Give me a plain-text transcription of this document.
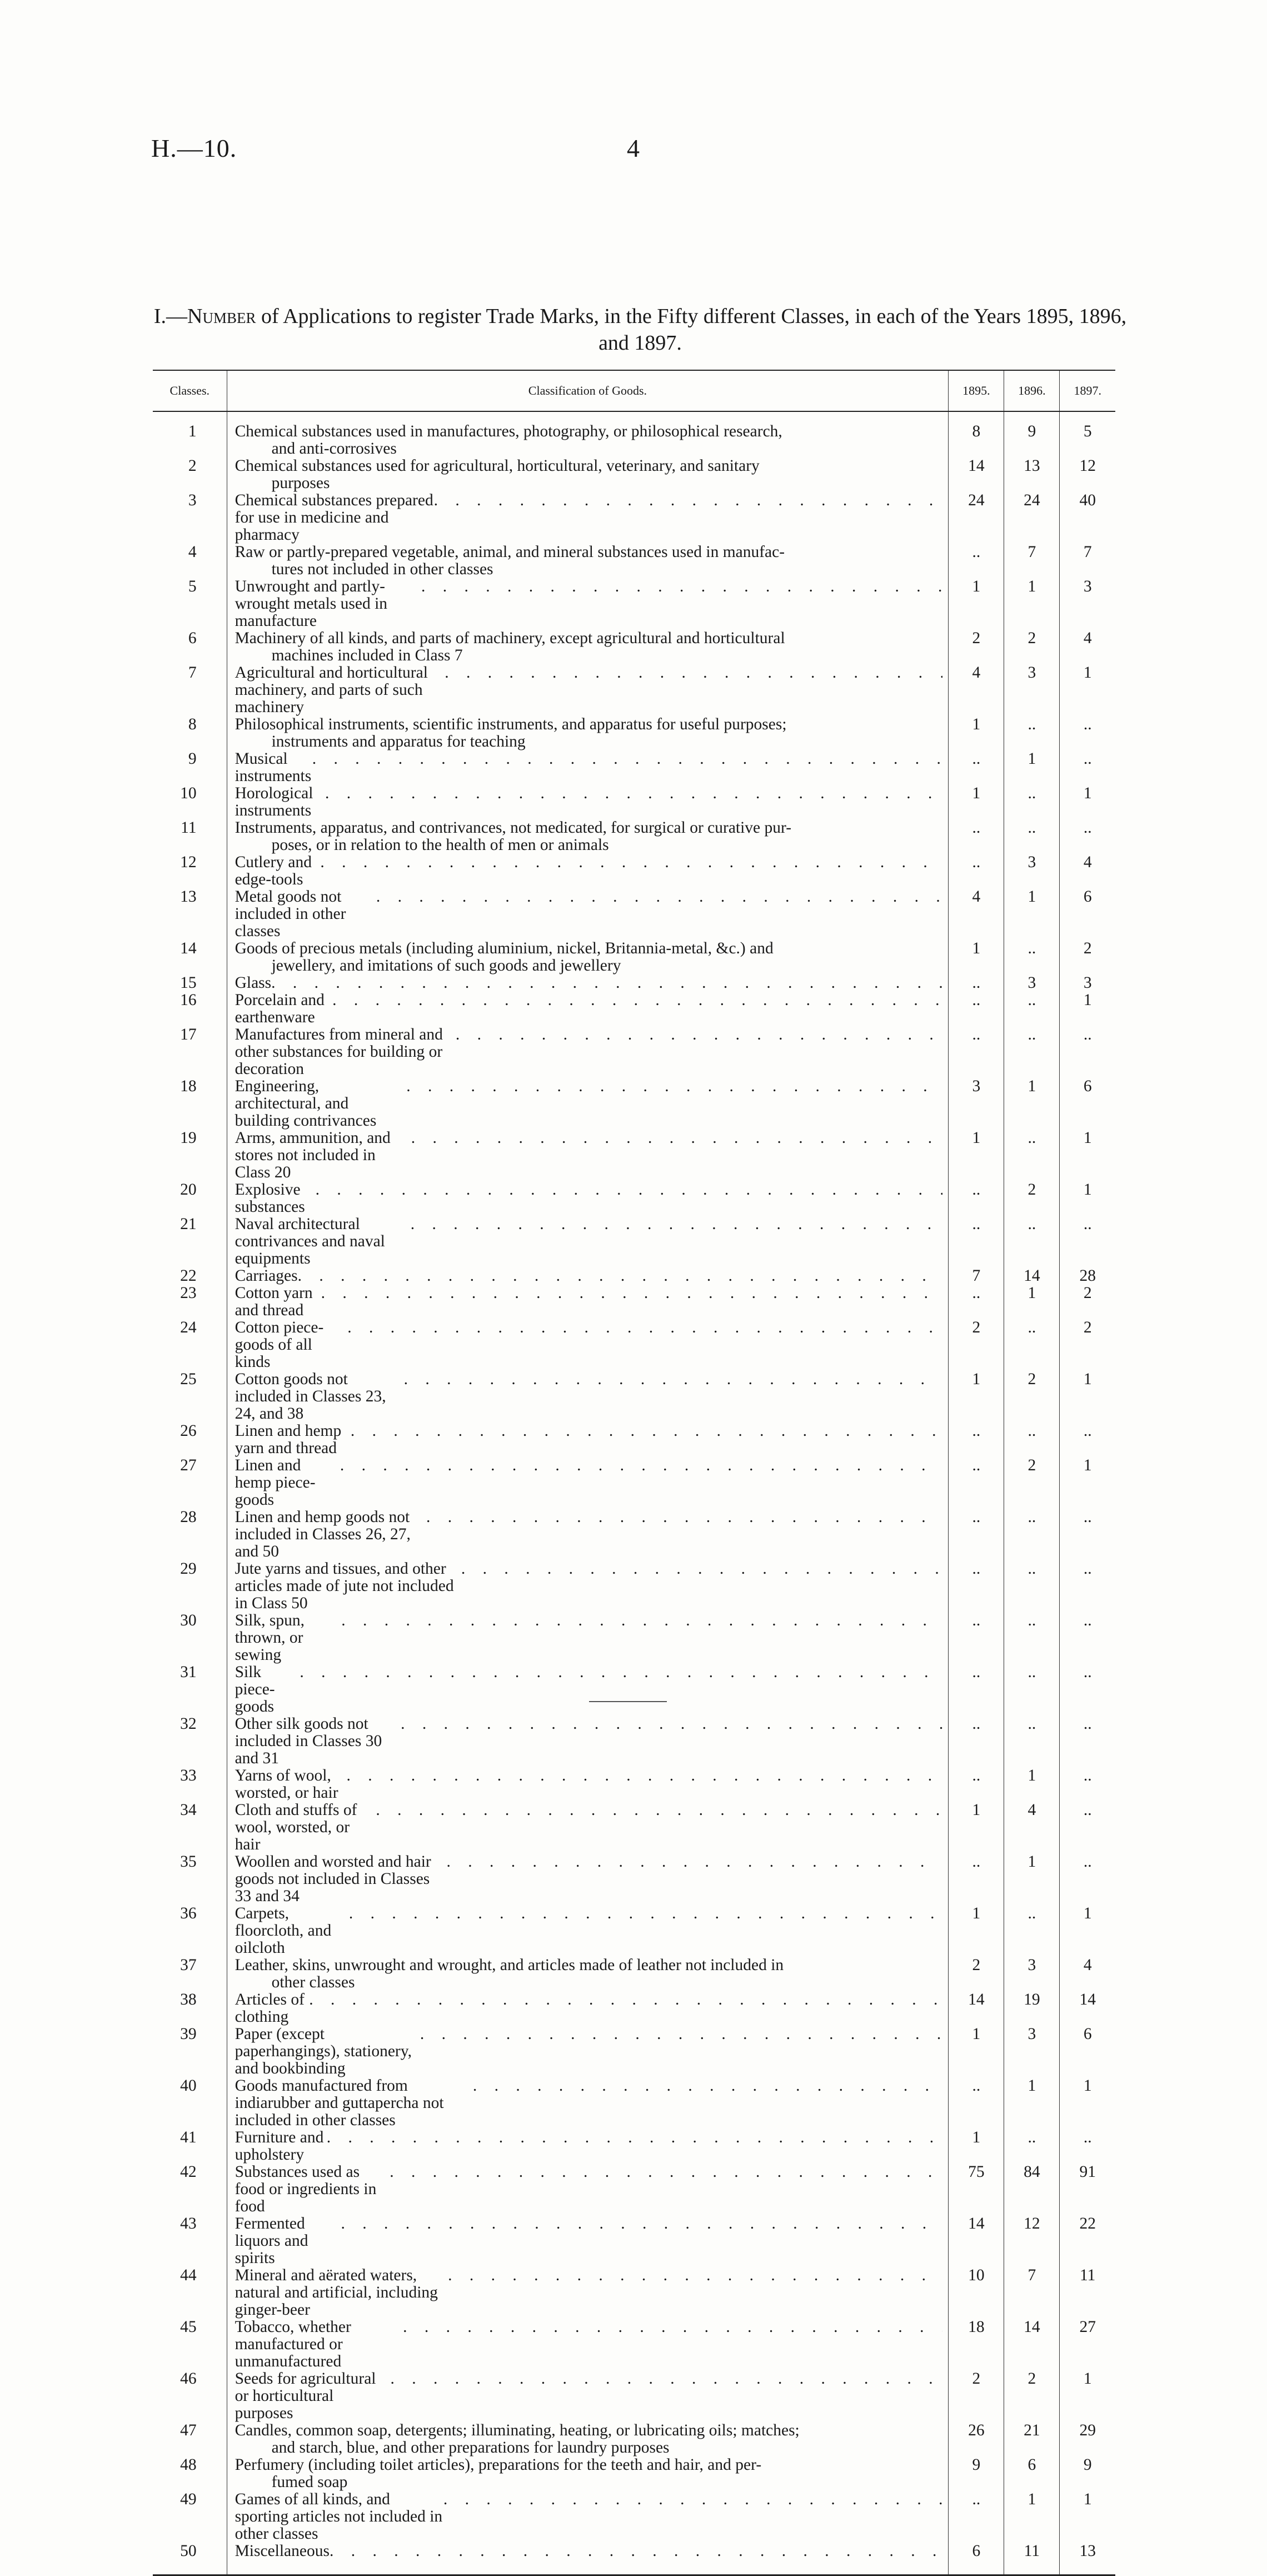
H.—10.	4
I.—Number of Applications to register Trade Marks, in the Fifty different Classes, in each of the Years 1895, 1896, and 1897.
Classes.	Classification of Goods.	1895.	1896.	1897.
1	Chemical substances used in manufactures, photography, or philosophical research,
and anti-corrosives	8	9	5
2	Chemical substances used for agricultural, horticultural, veterinary, and sanitary
purposes	14	13	12
3	Chemical substances prepared for use in medicine and pharmacy
. . .	24	24	40
4	Raw or partly-prepared vegetable, animal, and mineral substances used in manufac-
tures not included in other classes	..	7	7
5	Unwrought and partly-wrought metals used in manufacture
. . .	1	1	3
6	Machinery of all kinds, and parts of machinery, except agricultural and horticultural
machines included in Class 7	2	2	4
7	Agricultural and horticultural machinery, and parts of such machinery
. . .	4	3	1
8	Philosophical instruments, scientific instruments, and apparatus for useful purposes;
instruments and apparatus for teaching	1	..	..
9	Musical instruments
. . .	..	1	..
10	Horological instruments
. . .	1	..	1
11	Instruments, apparatus, and contrivances, not medicated, for surgical or curative pur-
poses, or in relation to the health of men or animals	..	..	..
12	Cutlery and edge-tools
. . .	..	3	4
13	Metal goods not included in other classes
. . .	4	1	6
14	Goods of precious metals (including aluminium, nickel, Britannia-metal, &c.) and
jewellery, and imitations of such goods and jewellery	1	..	2
15	Glass
. . .	..	3	3
16	Porcelain and earthenware
. . .	..	..	1
17	Manufactures from mineral and other substances for building or decoration
. . .	..	..	..
18	Engineering, architectural, and building contrivances
. . .	3	1	6
19	Arms, ammunition, and stores not included in Class 20
. . .	1	..	1
20	Explosive substances
. . .	..	2	1
21	Naval architectural contrivances and naval equipments
. . .	..	..	..
22	Carriages
. . .	7	14	28
23	Cotton yarn and thread
. . .	..	1	2
24	Cotton piece-goods of all kinds
. . .	2	..	2
25	Cotton goods not included in Classes 23, 24, and 38
. . .	1	2	1
26	Linen and hemp yarn and thread
. . .	..	..	..
27	Linen and hemp piece-goods
. . .	..	2	1
28	Linen and hemp goods not included in Classes 26, 27, and 50
. . .	..	..	..
29	Jute yarns and tissues, and other articles made of jute not included in Class 50
. . .	..	..	..
30	Silk, spun, thrown, or sewing
. . .	..	..	..
31	Silk piece-goods
. . .	..	..	..
32	Other silk goods not included in Classes 30 and 31
. . .	..	..	..
33	Yarns of wool, worsted, or hair
. . .	..	1	..
34	Cloth and stuffs of wool, worsted, or hair
. . .	1	4	..
35	Woollen and worsted and hair goods not included in Classes 33 and 34
. . .	..	1	..
36	Carpets, floorcloth, and oilcloth
. . .	1	..	1
37	Leather, skins, unwrought and wrought, and articles made of leather not included in
other classes	2	3	4
38	Articles of clothing
. . .	14	19	14
39	Paper (except paperhangings), stationery, and bookbinding
. . .	1	3	6
40	Goods manufactured from indiarubber and guttapercha not included in other classes
. . .	..	1	1
41	Furniture and upholstery
. . .	1	..	..
42	Substances used as food or ingredients in food
. . .	75	84	91
43	Fermented liquors and spirits
. . .	14	12	22
44	Mineral and aërated waters, natural and artificial, including ginger-beer
. . .	10	7	11
45	Tobacco, whether manufactured or unmanufactured
. . .	18	14	27
46	Seeds for agricultural or horticultural purposes
. . .	2	2	1
47	Candles, common soap, detergents; illuminating, heating, or lubricating oils; matches;
and starch, blue, and other preparations for laundry purposes	26	21	29
48	Perfumery (including toilet articles), preparations for the teeth and hair, and per-
fumed soap	9	6	9
49	Games of all kinds, and sporting articles not included in other classes
. . .	..	1	1
50	Miscellaneous
. . .	6	11	13
